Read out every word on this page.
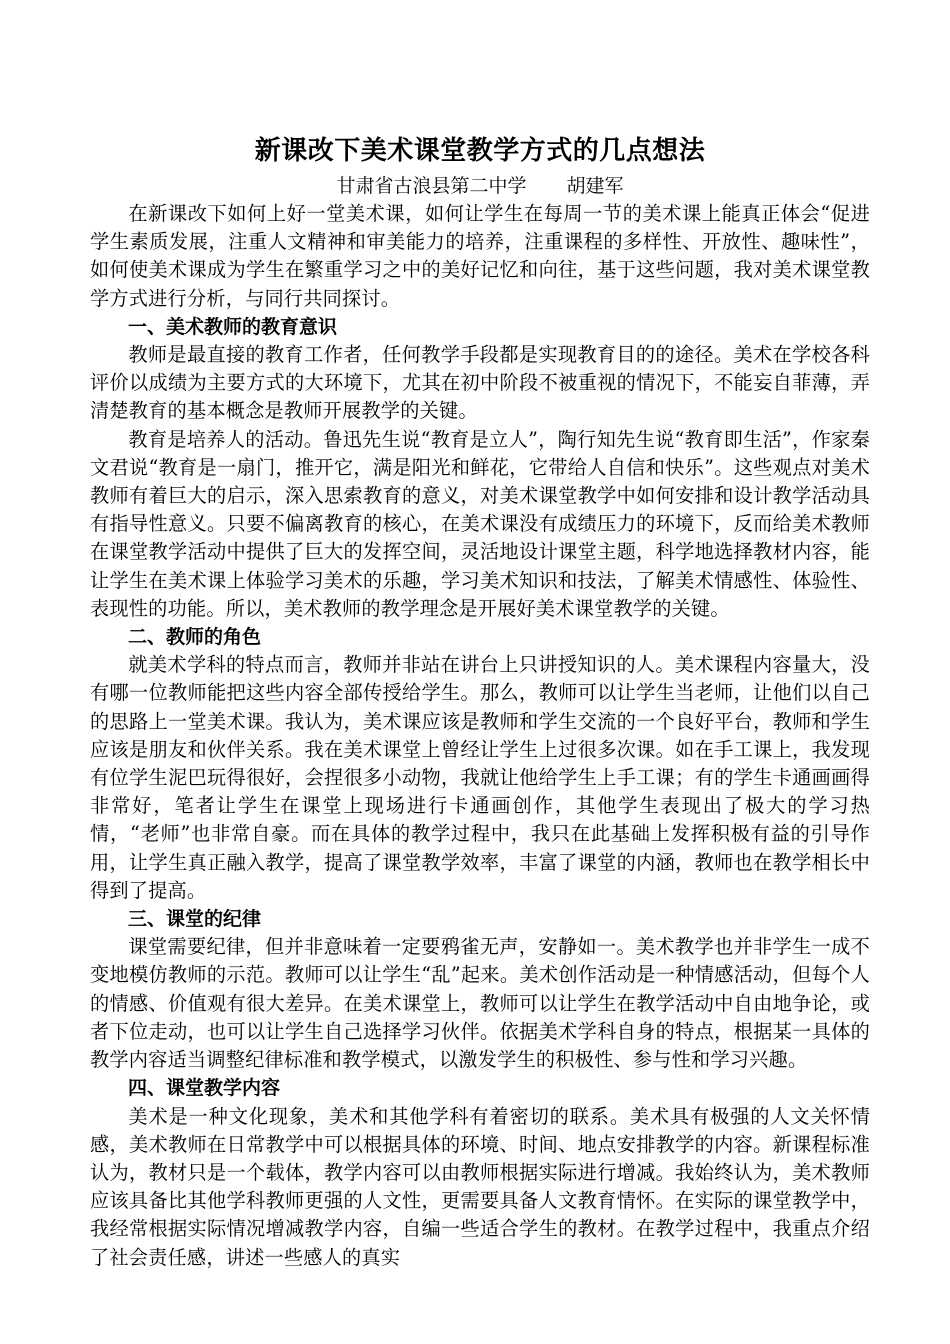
新课改下美术课堂教学方式的几点想法

甘肃省古浪县第二中学 胡建军

在新课改下如何上好一堂美术课，如何让学生在每周一节的美术课上能真正体会“促进学生素质发展，注重人文精神和审美能力的培养，注重课程的多样性、开放性、趣味性”，如何使美术课成为学生在繁重学习之中的美好记忆和向往，基于这些问题，我对美术课堂教学方式进行分析，与同行共同探讨。

一、美术教师的教育意识

教师是最直接的教育工作者，任何教学手段都是实现教育目的的途径。美术在学校各科评价以成绩为主要方式的大环境下，尤其在初中阶段不被重视的情况下，不能妄自菲薄，弄清楚教育的基本概念是教师开展教学的关键。

教育是培养人的活动。鲁迅先生说“教育是立人”，陶行知先生说“教育即生活”，作家秦文君说“教育是一扇门，推开它，满是阳光和鲜花，它带给人自信和快乐”。这些观点对美术教师有着巨大的启示，深入思索教育的意义，对美术课堂教学中如何安排和设计教学活动具有指导性意义。只要不偏离教育的核心，在美术课没有成绩压力的环境下，反而给美术教师在课堂教学活动中提供了巨大的发挥空间，灵活地设计课堂主题，科学地选择教材内容，能让学生在美术课上体验学习美术的乐趣，学习美术知识和技法，了解美术情感性、体验性、表现性的功能。所以，美术教师的教学理念是开展好美术课堂教学的关键。

二、教师的角色

就美术学科的特点而言，教师并非站在讲台上只讲授知识的人。美术课程内容量大，没有哪一位教师能把这些内容全部传授给学生。那么，教师可以让学生当老师，让他们以自己的思路上一堂美术课。我认为，美术课应该是教师和学生交流的一个良好平台，教师和学生应该是朋友和伙伴关系。我在美术课堂上曾经让学生上过很多次课。如在手工课上，我发现有位学生泥巴玩得很好，会捏很多小动物，我就让他给学生上手工课；有的学生卡通画画得非常好，笔者让学生在课堂上现场进行卡通画创作，其他学生表现出了极大的学习热情，“老师”也非常自豪。而在具体的教学过程中，我只在此基础上发挥积极有益的引导作用，让学生真正融入教学，提高了课堂教学效率，丰富了课堂的内涵，教师也在教学相长中得到了提高。

三、课堂的纪律

课堂需要纪律，但并非意味着一定要鸦雀无声，安静如一。美术教学也并非学生一成不变地模仿教师的示范。教师可以让学生“乱”起来。美术创作活动是一种情感活动，但每个人的情感、价值观有很大差异。在美术课堂上，教师可以让学生在教学活动中自由地争论，或者下位走动，也可以让学生自己选择学习伙伴。依据美术学科自身的特点，根据某一具体的教学内容适当调整纪律标准和教学模式，以激发学生的积极性、参与性和学习兴趣。

四、课堂教学内容

美术是一种文化现象，美术和其他学科有着密切的联系。美术具有极强的人文关怀情感，美术教师在日常教学中可以根据具体的环境、时间、地点安排教学的内容。新课程标准认为，教材只是一个载体，教学内容可以由教师根据实际进行增减。我始终认为，美术教师应该具备比其他学科教师更强的人文性，更需要具备人文教育情怀。在实际的课堂教学中，我经常根据实际情况增减教学内容，自编一些适合学生的教材。在教学过程中，我重点介绍了社会责任感，讲述一些感人的真实
